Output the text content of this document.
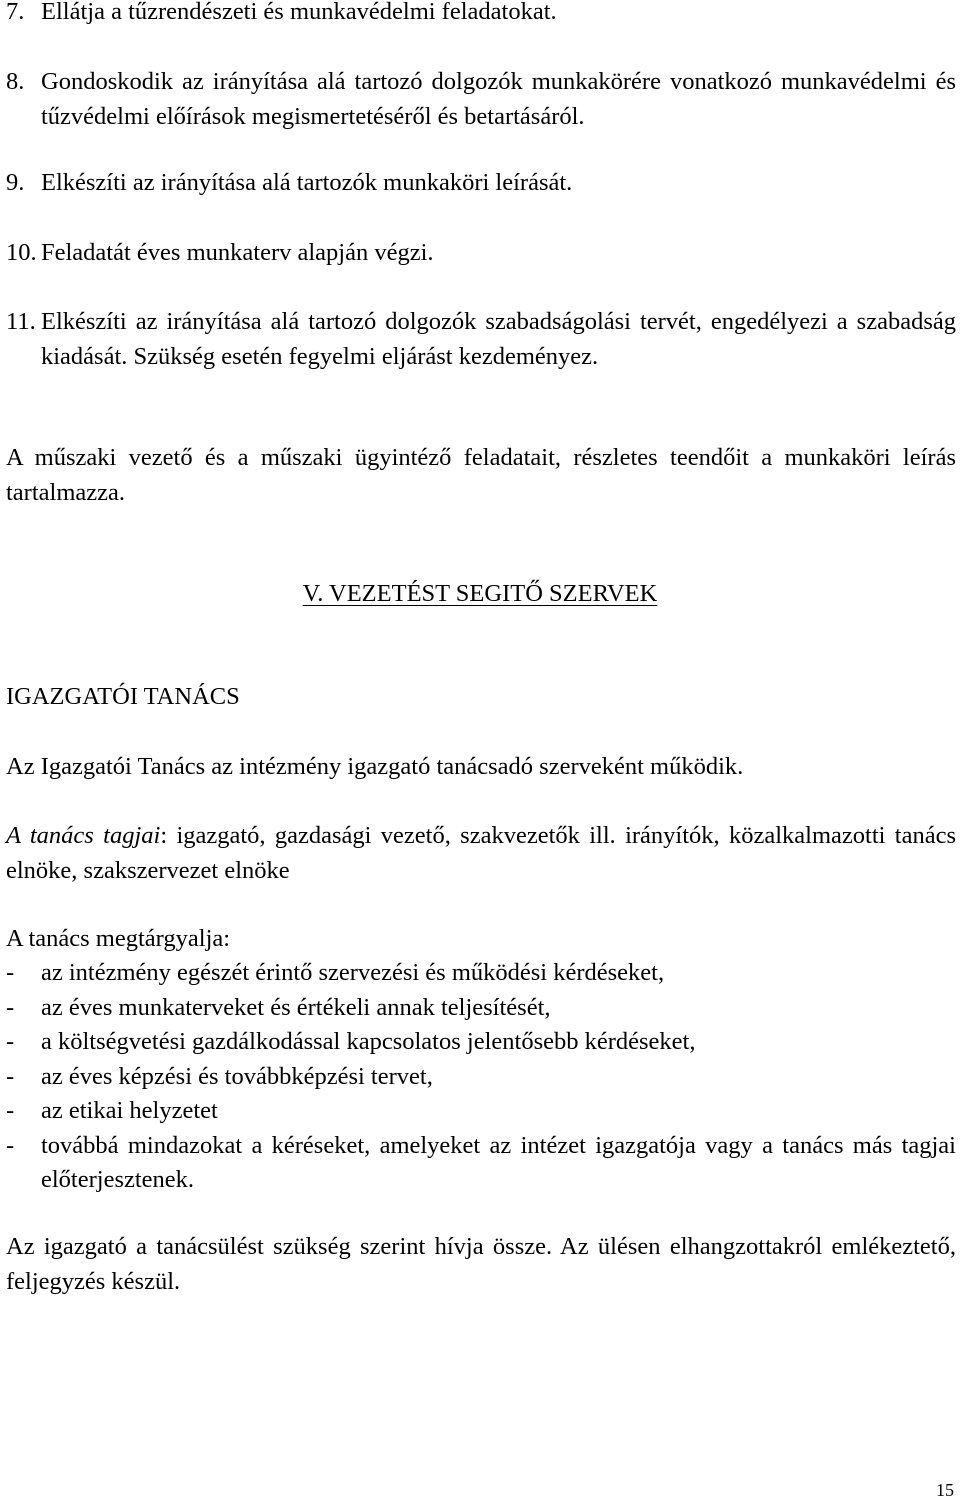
7. Ellátja a tűzrendészeti és munkavédelmi feladatokat.
8. Gondoskodik az irányítása alá tartozó dolgozók munkakörére vonatkozó munkavédelmi és tűzvédelmi előírások megismertetéséről és betartásáról.
9. Elkészíti az irányítása alá tartozók munkaköri leírását.
10. Feladatát éves munkaterv alapján végzi.
11. Elkészíti az irányítása alá tartozó dolgozók szabadságolási tervét, engedélyezi a szabadság kiadását. Szükség esetén fegyelmi eljárást kezdeményez.
A műszaki vezető és a műszaki ügyintéző feladatait, részletes teendőit a munkaköri leírás tartalmazza.
V. VEZETÉST SEGITŐ SZERVEK
IGAZGATÓI TANÁCS
Az Igazgatói Tanács az intézmény igazgató tanácsadó szerveként működik.
A tanács tagjai: igazgató, gazdasági vezető, szakvezetők ill. irányítók, közalkalmazotti tanács elnöke, szakszervezet elnöke
A tanács megtárgyalja:
- az intézmény egészét érintő szervezési és működési kérdéseket,
- az éves munkaterveket és értékeli annak teljesítését,
- a költségvetési gazdálkodással kapcsolatos jelentősebb kérdéseket,
- az éves képzési és továbbképzési tervet,
- az etikai helyzetet
- továbbá mindazokat a kéréseket, amelyeket az intézet igazgatója vagy a tanács más tagjai előterjesztenek.
Az igazgató a tanácsülést szükség szerint hívja össze. Az ülésen elhangzottakról emlékeztető, feljegyzés készül.
15
